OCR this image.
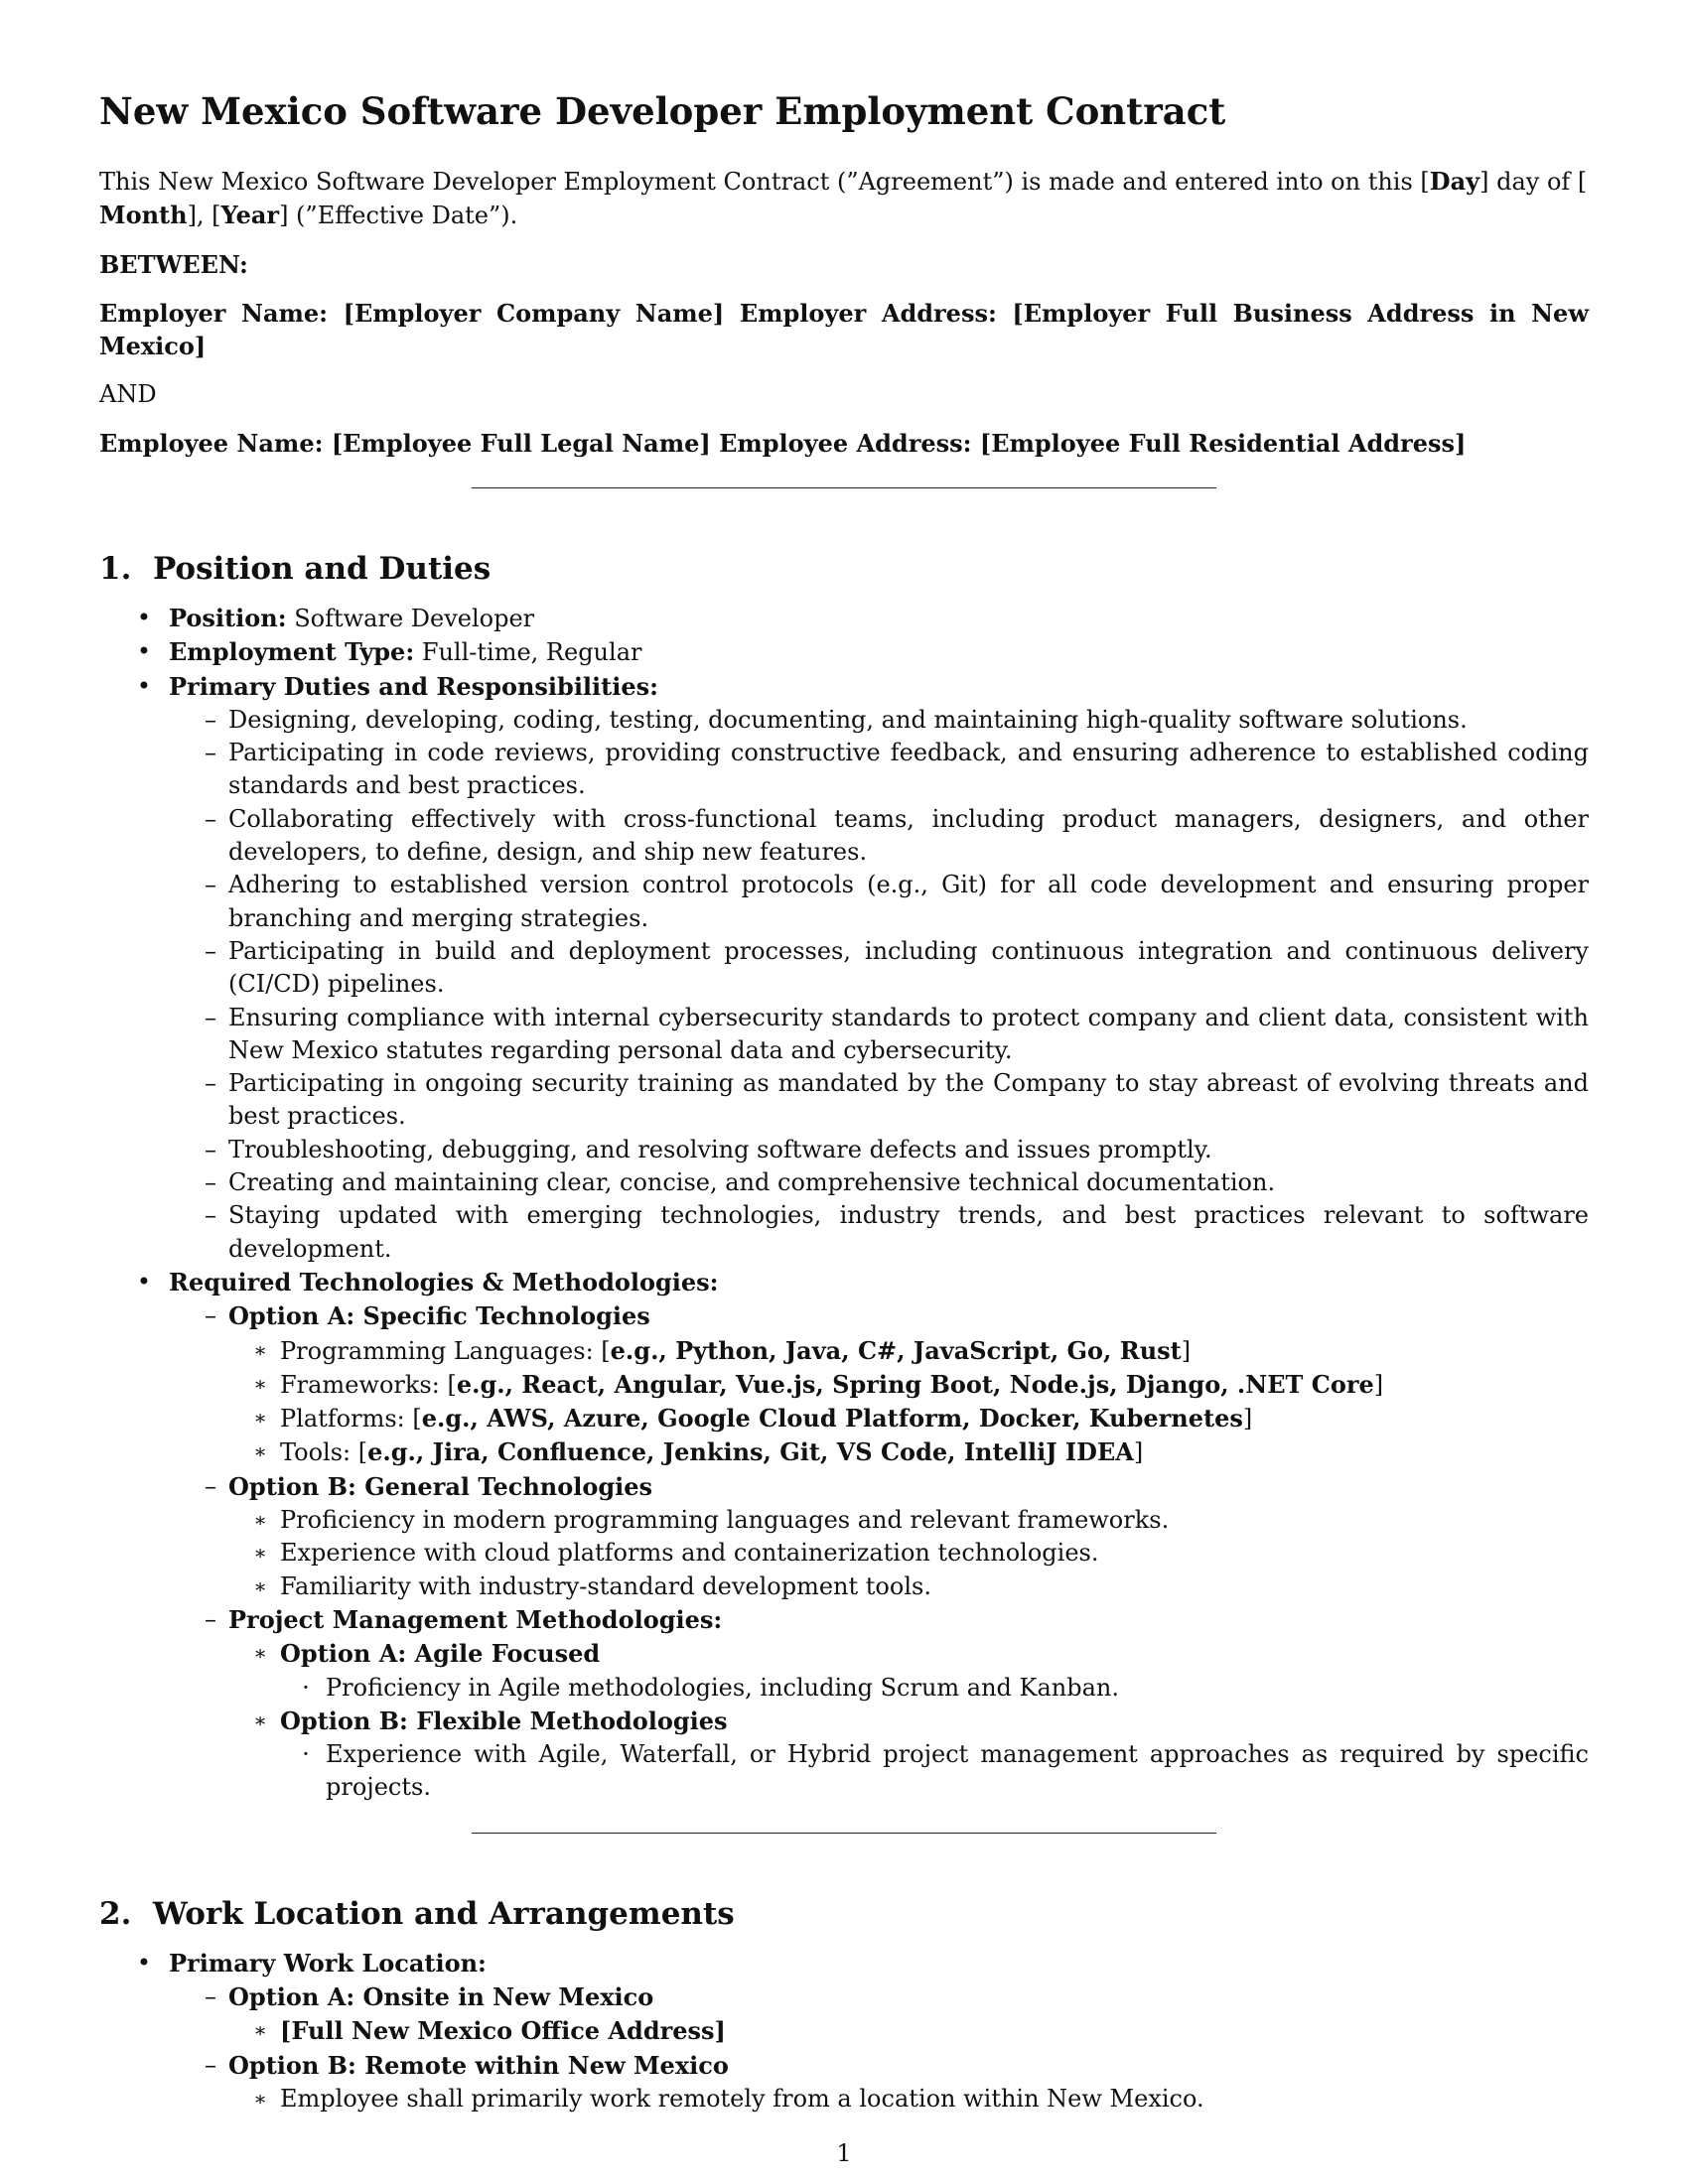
New Mexico Software Developer Employment Contract

This New Mexico Software Developer Employment Contract (”Agreement”) is made and entered into on this [Day] day of [
Month], [Year] (”Effective Date”).

BETWEEN:

Employer Name: [Employer Company Name] Employer Address: [Employer Full Business Address in New Mexico]

AND

Employee Name: [Employee Full Legal Name] Employee Address: [Employee Full Residential Address]

1.  Position and Duties
• Position: Software Developer
• Employment Type: Full-time, Regular
• Primary Duties and Responsibilities:
– Designing, developing, coding, testing, documenting, and maintaining high-quality software solutions.
– Participating in code reviews, providing constructive feedback, and ensuring adherence to established coding standards and best practices.
– Collaborating effectively with cross-functional teams, including product managers, designers, and other developers, to define, design, and ship new features.
– Adhering to established version control protocols (e.g., Git) for all code development and ensuring proper branching and merging strategies.
– Participating in build and deployment processes, including continuous integration and continuous delivery (CI/CD) pipelines.
– Ensuring compliance with internal cybersecurity standards to protect company and client data, consistent with New Mexico statutes regarding personal data and cybersecurity.
– Participating in ongoing security training as mandated by the Company to stay abreast of evolving threats and best practices.
– Troubleshooting, debugging, and resolving software defects and issues promptly.
– Creating and maintaining clear, concise, and comprehensive technical documentation.
– Staying updated with emerging technologies, industry trends, and best practices relevant to software development.
• Required Technologies & Methodologies:
– Option A: Specific Technologies
∗ Programming Languages: [e.g., Python, Java, C#, JavaScript, Go, Rust]
∗ Frameworks: [e.g., React, Angular, Vue.js, Spring Boot, Node.js, Django, .NET Core]
∗ Platforms: [e.g., AWS, Azure, Google Cloud Platform, Docker, Kubernetes]
∗ Tools: [e.g., Jira, Confluence, Jenkins, Git, VS Code, IntelliJ IDEA]
– Option B: General Technologies
∗ Proficiency in modern programming languages and relevant frameworks.
∗ Experience with cloud platforms and containerization technologies.
∗ Familiarity with industry-standard development tools.
– Project Management Methodologies:
∗ Option A: Agile Focused
· Proficiency in Agile methodologies, including Scrum and Kanban.
∗ Option B: Flexible Methodologies
· Experience with Agile, Waterfall, or Hybrid project management approaches as required by specific projects.
2.  Work Location and Arrangements
• Primary Work Location:
– Option A: Onsite in New Mexico
∗ [Full New Mexico Office Address]
– Option B: Remote within New Mexico
∗ Employee shall primarily work remotely from a location within New Mexico.
1
